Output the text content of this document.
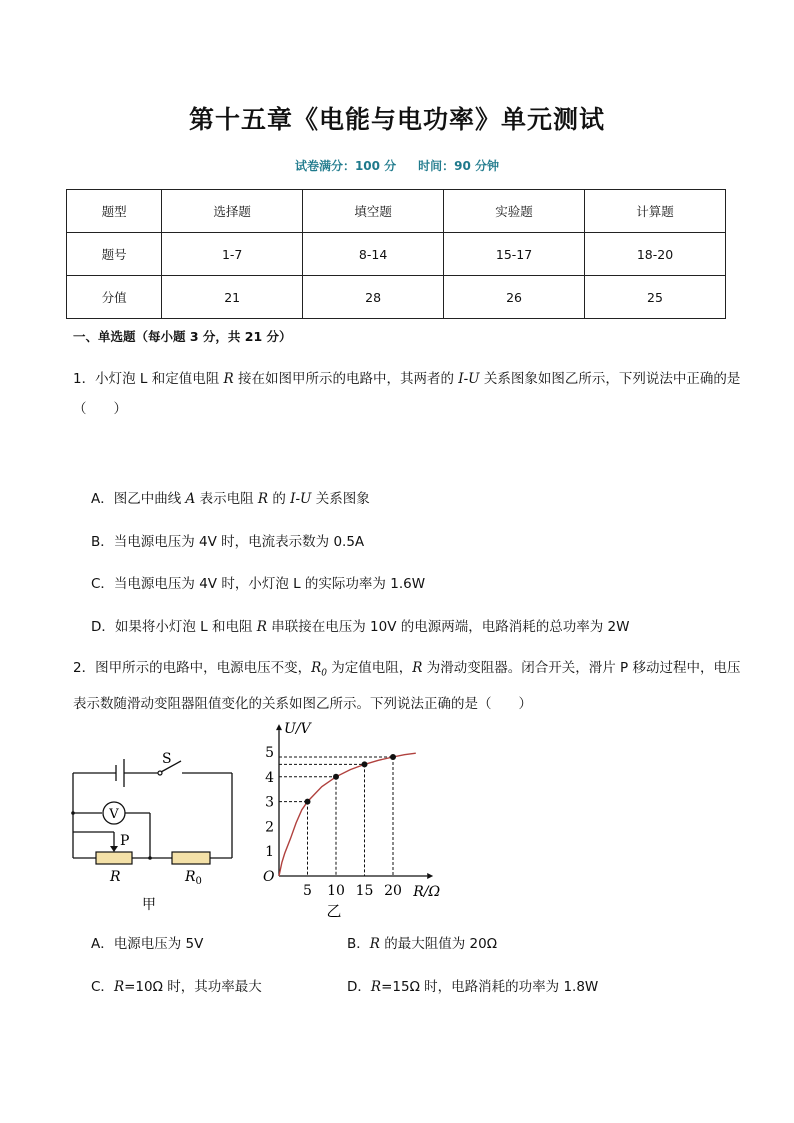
第十五章《电能与电功率》单元测试
试卷满分：100 分 时间：90 分钟
题型	选择题	填空题	实验题	计算题
题号	1-7	8-14	15-17	18-20
分值	21	28	26	25
一、单选题（每小题 3 分，共 21 分）
1．小灯泡 L 和定值电阻 R 接在如图甲所示的电路中，其两者的 I-U 关系图象如图乙所示，下列说法中正确的是（　　）
A．图乙中曲线 A 表示电阻 R 的 I-U 关系图象
B．当电源电压为 4V 时，电流表示数为 0.5A
C．当电源电压为 4V 时，小灯泡 L 的实际功率为 1.6W
D．如果将小灯泡 L 和电阻 R 串联接在电压为 10V 的电源两端，电路消耗的总功率为 2W
2．图甲所示的电路中，电源电压不变，$R_0$ 为定值电阻，R 为滑动变阻器。闭合开关，滑片 P 移动过程中，电压表示数随滑动变阻器阻值变化的关系如图乙所示。下列说法正确的是（　　）
S
V
P
R	$R_0$
甲
U/V
R/Ω
O
5 10 15 20
1
2
3
4
5
乙
A．电源电压为 5V	B．R 的最大阻值为 20Ω
C．R=10Ω 时，其功率最大	D．R=15Ω 时，电路消耗的功率为 1.8W
